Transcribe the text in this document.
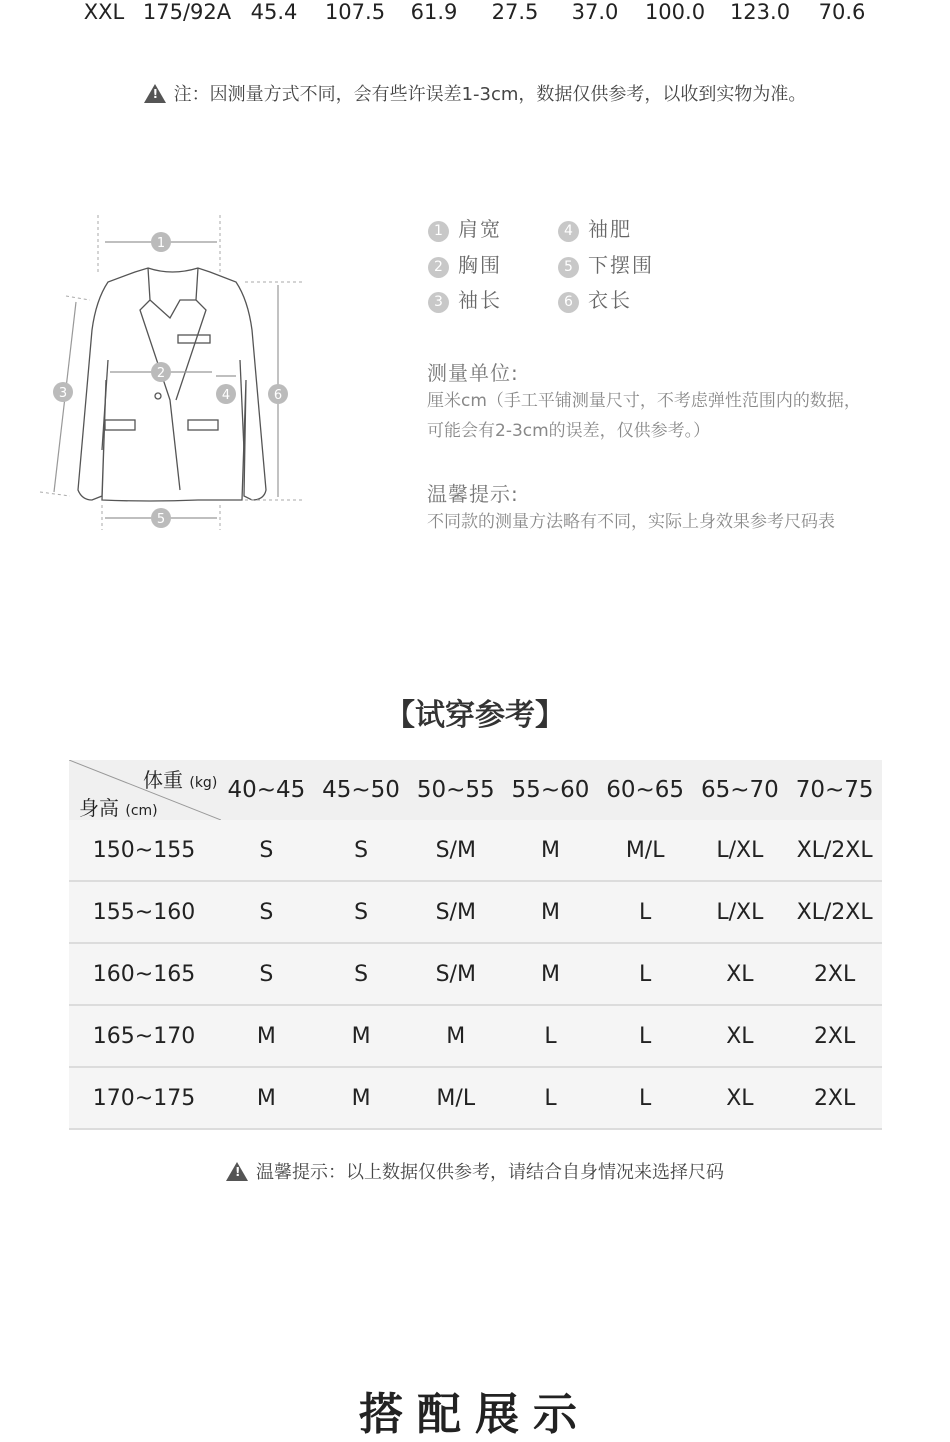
XXL 175/92A 45.4	107.5	61.9	27.5	37.0	100.0	123.0	70.6
!注：因测量方式不同，会有些许误差1-3cm，数据仅供参考，以收到实物为准。
1
2
3	4
5
6
1 肩宽
2 胸围
3 袖长
4 袖肥
5 下摆围
6 衣长
测量单位:
厘米cm（手工平铺测量尺寸，不考虑弹性范围内的数据，
可能会有2-3cm的误差，仅供参考。）
温馨提示:
不同款的测量方法略有不同，实际上身效果参考尺码表
【试穿参考】
体重 (kg)
身高 (cm)	40~45	45~50	50~55	55~60	60~65	65~70	70~75
150~155	S	S	S/M	M	M/L	L/XL	XL/2XL
155~160	S	S	S/M	M	L	L/XL	XL/2XL
160~165	S	S	S/M	M	L	XL	2XL
165~170	M	M	M	L	L	XL	2XL
170~175	M	M	M/L	L	L	XL	2XL
!温馨提示：以上数据仅供参考，请结合自身情况来选择尺码
搭配展示
